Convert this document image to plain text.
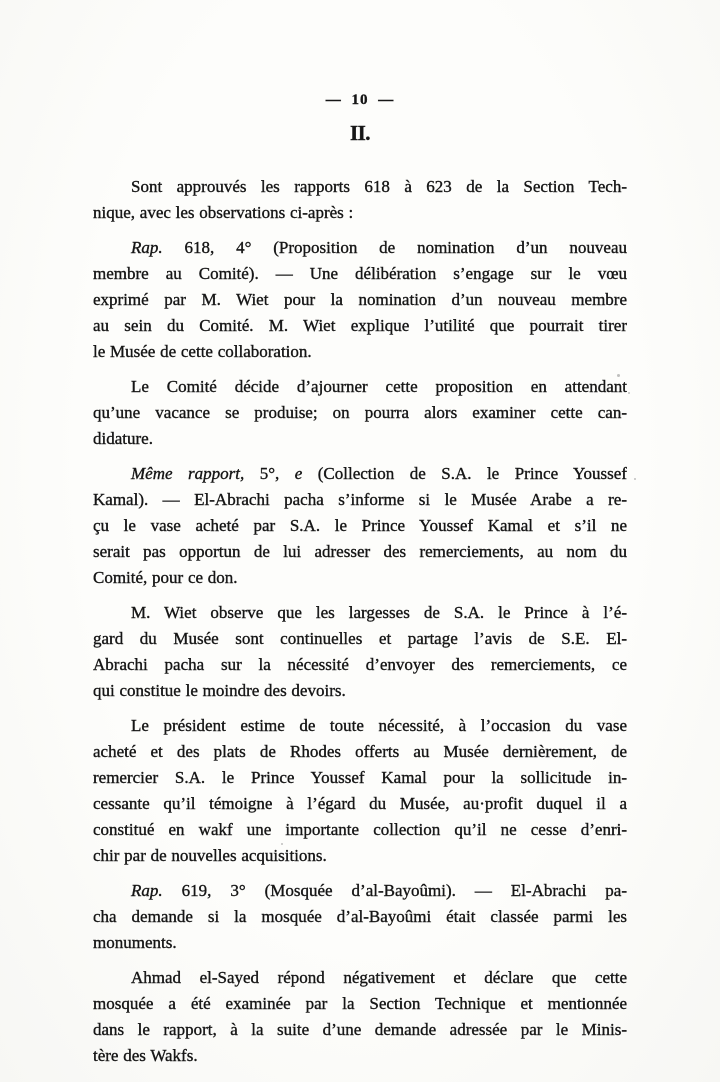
— 10 —
II.
Sont approuvés les rapports 618 à 623 de la Section Tech-
nique, avec les observations ci-après :
Rap. 618, 4° (Proposition de nomination d’un nouveau
membre au Comité). — Une délibération s’engage sur le vœu
exprimé par M. Wiet pour la nomination d’un nouveau membre
au sein du Comité. M. Wiet explique l’utilité que pourrait tirer
le Musée de cette collaboration.
Le Comité décide d’ajourner cette proposition en attendant
qu’une vacance se produise; on pourra alors examiner cette can-
didature.
Même rapport, 5°, e (Collection de S.A. le Prince Youssef
Kamal). — El-Abrachi pacha s’informe si le Musée Arabe a re-
çu le vase acheté par S.A. le Prince Youssef Kamal et s’il ne
serait pas opportun de lui adresser des remerciements, au nom du
Comité, pour ce don.
M. Wiet observe que les largesses de S.A. le Prince à l’é-
gard du Musée sont continuelles et partage l’avis de S.E. El-
Abrachi pacha sur la nécessité d’envoyer des remerciements, ce
qui constitue le moindre des devoirs.
Le président estime de toute nécessité, à l’occasion du vase
acheté et des plats de Rhodes offerts au Musée dernièrement, de
remercier S.A. le Prince Youssef Kamal pour la sollicitude in-
cessante qu’il témoigne à l’égard du Musée, au·profit duquel il a
constitué en wakf une importante collection qu’il ne cesse d’enri-
chir par de nouvelles acquisitions.
Rap. 619, 3° (Mosquée d’al-Bayoûmi). — El-Abrachi pa-
cha demande si la mosquée d’al-Bayoûmi était classée parmi les
monuments.
Ahmad el-Sayed répond négativement et déclare que cette
mosquée a été examinée par la Section Technique et mentionnée
dans le rapport, à la suite d’une demande adressée par le Minis-
tère des Wakfs.
